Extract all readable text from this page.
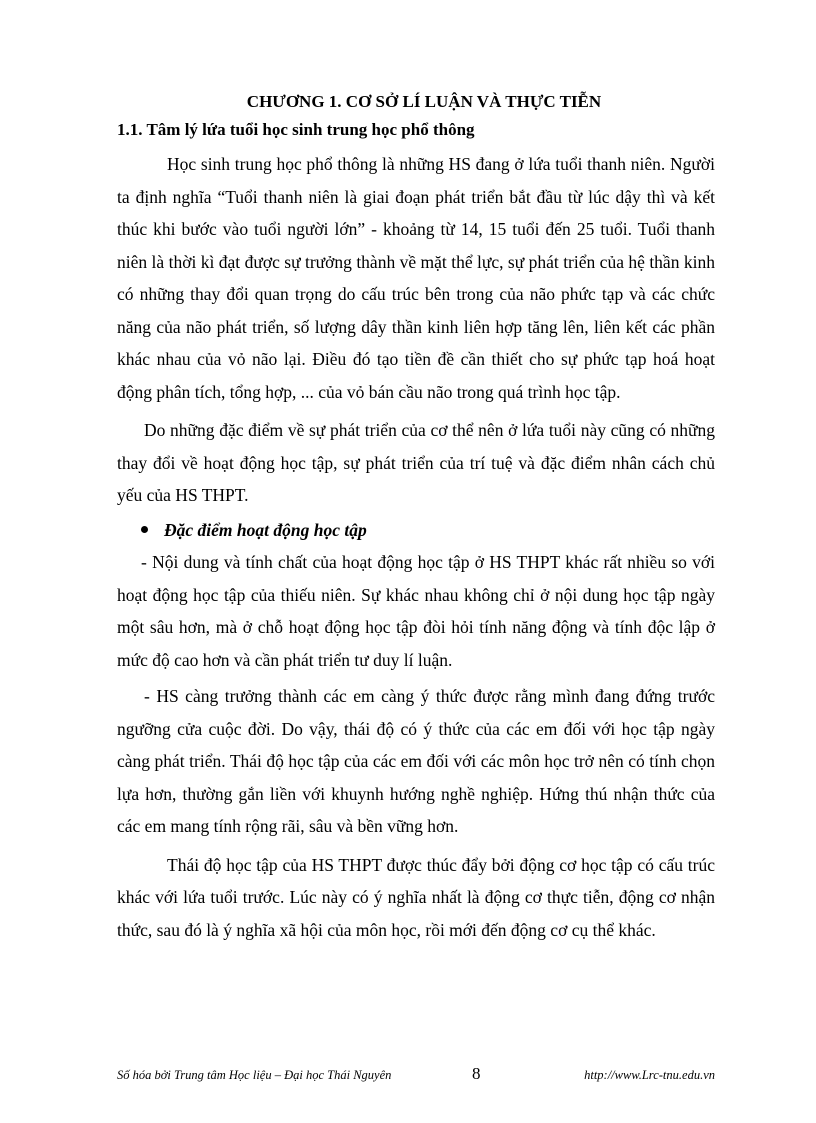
CHƯƠNG 1. CƠ SỞ LÍ LUẬN VÀ THỰC TIỄN
1.1. Tâm lý lứa tuổi học sinh trung học phổ thông

Học sinh trung học phổ thông là những HS đang ở lứa tuổi thanh niên. Người ta định nghĩa “Tuổi thanh niên là giai đoạn phát triển bắt đầu từ lúc dậy thì và kết thúc khi bước vào tuổi người lớn” - khoảng từ 14, 15 tuổi đến 25 tuổi. Tuổi thanh niên là thời kì đạt được sự trưởng thành về mặt thể lực, sự phát triển của hệ thần kinh có những thay đổi quan trọng do cấu trúc bên trong của não phức tạp và các chức năng của não phát triển, số lượng dây thần kinh liên hợp tăng lên, liên kết các phần khác nhau của vỏ não lại. Điều đó tạo tiền đề cần thiết cho sự phức tạp hoá hoạt động phân tích, tổng hợp, ... của vỏ bán cầu não trong quá trình học tập.

Do những đặc điểm về sự phát triển của cơ thể nên ở lứa tuổi này cũng có những thay đổi về hoạt động học tập, sự phát triển của trí tuệ và đặc điểm nhân cách chủ yếu của HS THPT.

Đặc điểm hoạt động học tập

- Nội dung và tính chất của hoạt động học tập ở HS THPT khác rất nhiều so với hoạt động học tập của thiếu niên. Sự khác nhau không chỉ ở nội dung học tập ngày một sâu hơn, mà ở chỗ hoạt động học tập đòi hỏi tính năng động và tính độc lập ở mức độ cao hơn và cần phát triển tư duy lí luận.

- HS càng trưởng thành các em càng ý thức được rằng mình đang đứng trước ngưỡng cửa cuộc đời. Do vậy, thái độ có ý thức của các em đối với học tập ngày càng phát triển. Thái độ học tập của các em đối với các môn học trở nên có tính chọn lựa hơn, thường gắn liền với khuynh hướng nghề nghiệp. Hứng thú nhận thức của các em mang tính rộng rãi, sâu và bền vững hơn.

Thái độ học tập của HS THPT được thúc đẩy bởi động cơ học tập có cấu trúc khác với lứa tuổi trước. Lúc này có ý nghĩa nhất là động cơ thực tiễn, động cơ nhận thức, sau đó là ý nghĩa xã hội của môn học, rồi mới đến động cơ cụ thể khác.

Số hóa bởi Trung tâm Học liệu – Đại học Thái Nguyên	8	http://www.Lrc-tnu.edu.vn
